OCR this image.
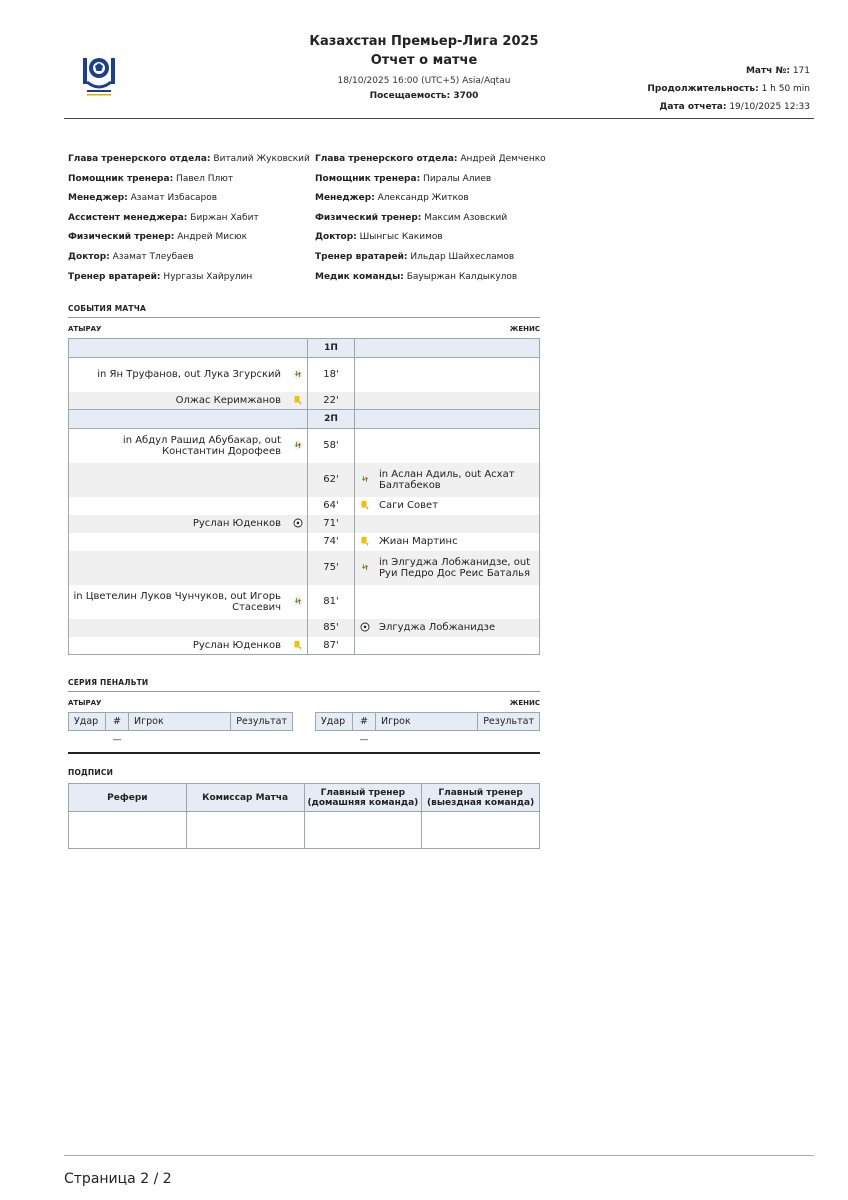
Казахстан Премьер-Лига 2025
Отчет о матче
18/10/2025 16:00 (UTC+5) Asia/Aqtau
Посещаемость: 3700
Матч №: 171
Продолжительность: 1 h 50 min
Дата отчета: 19/10/2025 12:33
Глава тренерского отдела: Виталий Жуковский
Помощник тренера: Павел Плют
Менеджер: Азамат Избасаров
Ассистент менеджера: Биржан Хабит
Физический тренер: Андрей Мисюк
Доктор: Азамат Тлеубаев
Тренер вратарей: Нургазы Хайрулин
Глава тренерского отдела: Андрей Демченко
Помощник тренера: Пиралы Алиев
Менеджер: Александр Житков
Физический тренер: Максим Азовский
Доктор: Шынгыс Какимов
Тренер вратарей: Ильдар Шайхесламов
Медик команды: Бауыржан Калдыкулов
СОБЫТИЯ МАТЧА
АТЫРАУ	ЖЕНИС
		1П		
in Ян Труфанов, out Лука Згурский		18'		
Олжас Керимжанов	Y	22'		
		2П		
in Абдул Рашид Абубакар, out Константин Дорофеев		58'		
		62'		in Аслан Адиль, out Асхат Балтабеков
		64'	Y	Саги Совет
Руслан Юденков		71'		
		74'	Y	Жиан Мартинс
		75'		in Элгуджа Лобжанидзе, out Руи Педро Дос Реис Баталья
in Цветелин Луков Чунчуков, out Игорь Стасевич		81'		
		85'		Элгуджа Лобжанидзе
Руслан Юденков	Y	87'		
СЕРИЯ ПЕНАЛЬТИ
АТЫРАУ	ЖЕНИС
Удар	#	Игрок	Результат
	—		
Удар	#	Игрок	Результат
	—		
ПОДПИСИ
Рефери	Комиссар Матча	Главный тренер (домашняя команда)	Главный тренер (выездная команда)

Страница 2 / 2
